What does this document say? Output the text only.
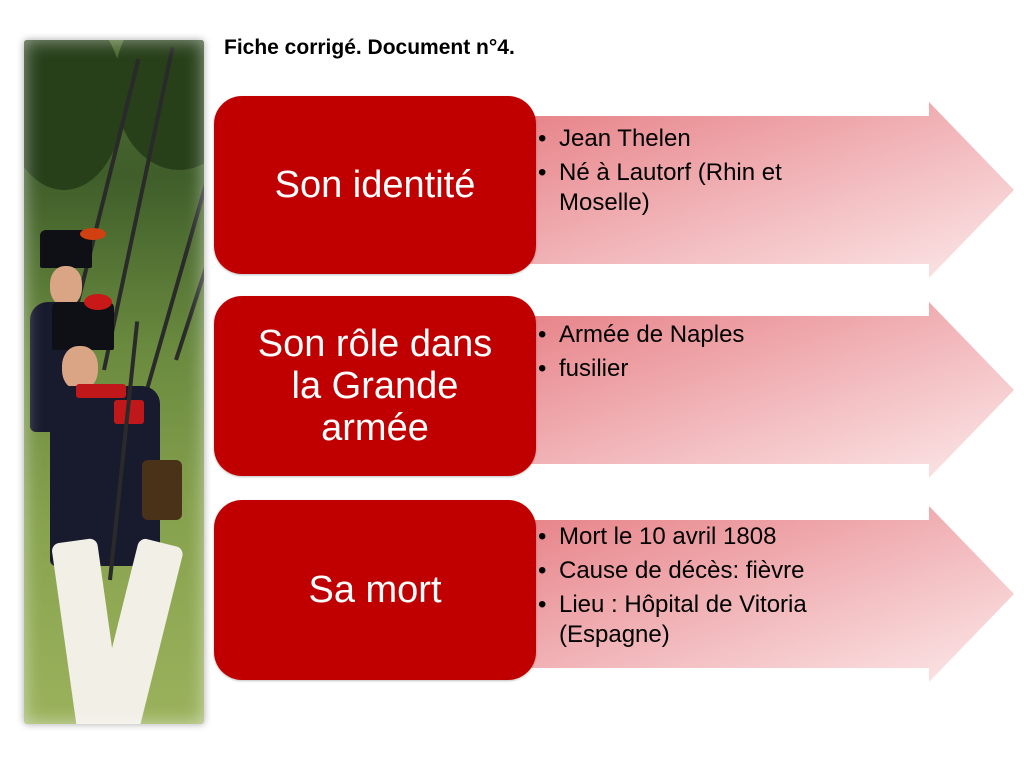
Fiche corrigé. Document n°4.
Son identité
• Jean Thelen
• Né à Lautorf (Rhin et Moselle)
Son rôle dans
la Grande
armée
• Armée de Naples
• fusilier
Sa mort
• Mort le 10 avril 1808
• Cause de décès: fièvre
• Lieu : Hôpital de Vitoria (Espagne)
